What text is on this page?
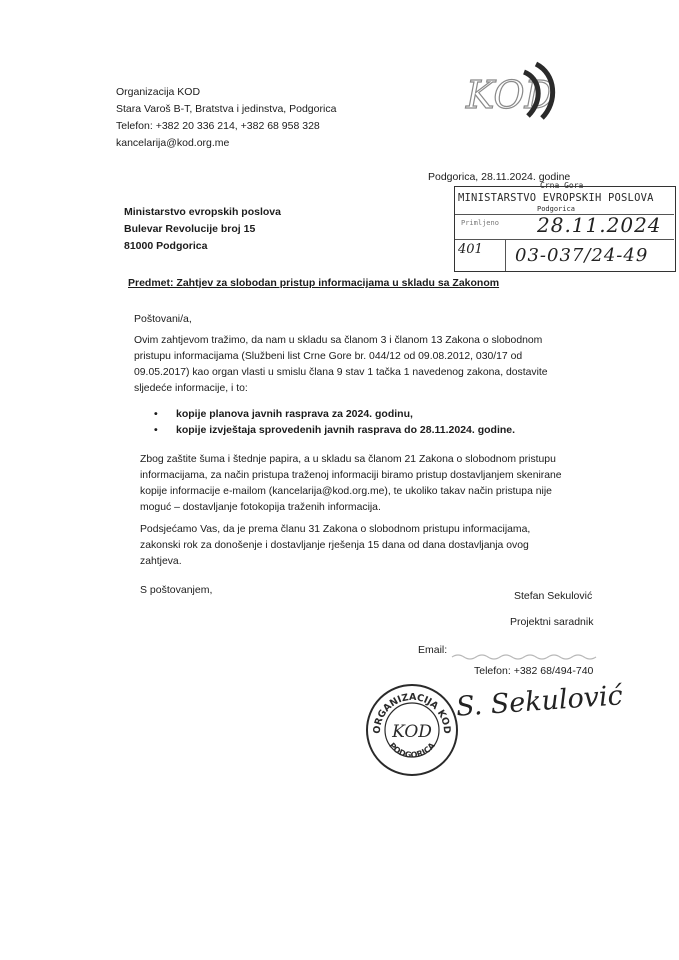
KOD
Organizacija KOD
Stara Varoš B-T, Bratstva i jedinstva, Podgorica
Telefon: +382 20 336 214, +382 68 958 328
kancelarija@kod.org.me
Podgorica, 28.11.2024. godine
Crna Gora
MINISTARSTVO EVROPSKIH POSLOVA
Podgorica
Primljeno 28.11.2024
401 03-037/24-49
Ministarstvo evropskih poslova
Bulevar Revolucije broj 15
81000 Podgorica
Predmet: Zahtjev za slobodan pristup informacijama u skladu sa Zakonom
Poštovani/a,
Ovim zahtjevom tražimo, da nam u skladu sa članom 3 i članom 13 Zakona o slobodnom
pristupu informacijama (Službeni list Crne Gore br. 044/12 od 09.08.2012, 030/17 od
09.05.2017) kao organ vlasti u smislu člana 9 stav 1 tačka 1 navedenog zakona, dostavite
sljedeće informacije, i to:
• kopije planova javnih rasprava za 2024. godinu,
• kopije izvještaja sprovedenih javnih rasprava do 28.11.2024. godine.
Zbog zaštite šuma i štednje papira, a u skladu sa članom 21 Zakona o slobodnom pristupu
informacijama, za način pristupa traženoj informaciji biramo pristup dostavljanjem skenirane
kopije informacije e-mailom (kancelarija@kod.org.me), te ukoliko takav način pristupa nije
moguć – dostavljanje fotokopija traženih informacija.
Podsjećamo Vas, da je prema članu 31 Zakona o slobodnom pristupu informacijama,
zakonski rok za donošenje i dostavljanje rješenja 15 dana od dana dostavljanja ovog
zahtjeva.
S poštovanjem,	Stefan Sekulović
Projektni saradnik
Email:
Telefon: +382 68/494-740
ORGANIZACIJA KOD
PODGORICA
KOD
S. Sekulović
